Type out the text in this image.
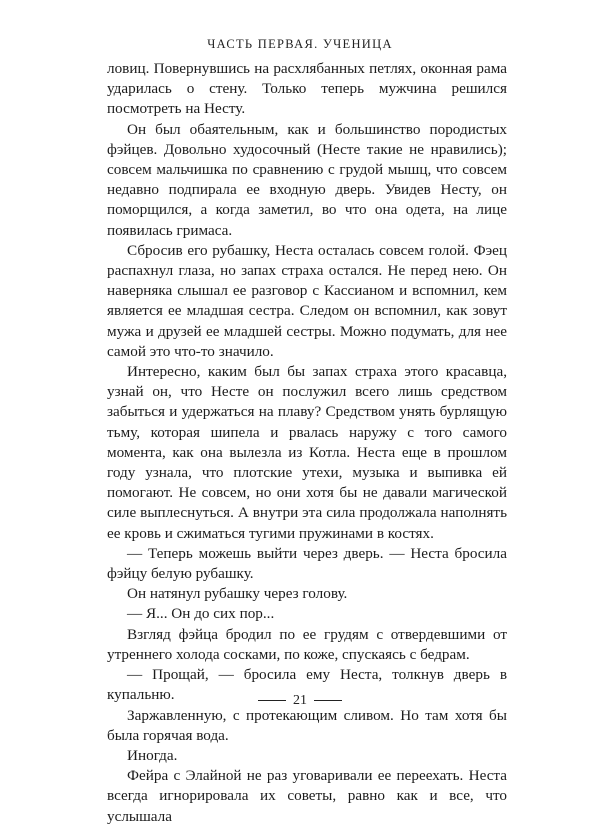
ЧАСТЬ ПЕРВАЯ. УЧЕНИЦА

ловиц. Повернувшись на расхлябанных петлях, оконная рама ударилась о стену. Только теперь мужчина решился посмотреть на Несту.

Он был обаятельным, как и большинство породистых фэйцев. Довольно худосочный (Несте такие не нравились); совсем мальчишка по сравнению с грудой мышц, что совсем недавно подпирала ее входную дверь. Увидев Несту, он поморщился, а когда заметил, во что она одета, на лице появилась гримаса.

Сбросив его рубашку, Неста осталась совсем голой. Фэец распахнул глаза, но запах страха остался. Не перед нею. Он наверняка слышал ее разговор с Кассианом и вспомнил, кем является ее младшая сестра. Следом он вспомнил, как зовут мужа и друзей ее младшей сестры. Можно подумать, для нее самой это что-то значило.

Интересно, каким был бы запах страха этого красавца, узнай он, что Несте он послужил всего лишь средством забыться и удержаться на плаву? Средством унять бурлящую тьму, которая шипела и рвалась наружу с того самого момента, как она вылезла из Котла. Неста еще в прошлом году узнала, что плотские утехи, музыка и выпивка ей помогают. Не совсем, но они хотя бы не давали магической силе выплеснуться. А внутри эта сила продолжала наполнять ее кровь и сжиматься тугими пружинами в костях.

— Теперь можешь выйти через дверь. — Неста бросила фэйцу белую рубашку.

Он натянул рубашку через голову.

— Я... Он до сих пор...

Взгляд фэйца бродил по ее грудям с отвердевшими от утреннего холода сосками, по коже, спускаясь с бедрам.

— Прощай, — бросила ему Неста, толкнув дверь в купальню.

Заржавленную, с протекающим сливом. Но там хотя бы была горячая вода.

Иногда.

Фейра с Элайной не раз уговаривали ее переехать. Неста всегда игнорировала их советы, равно как и все, что услышала

21
